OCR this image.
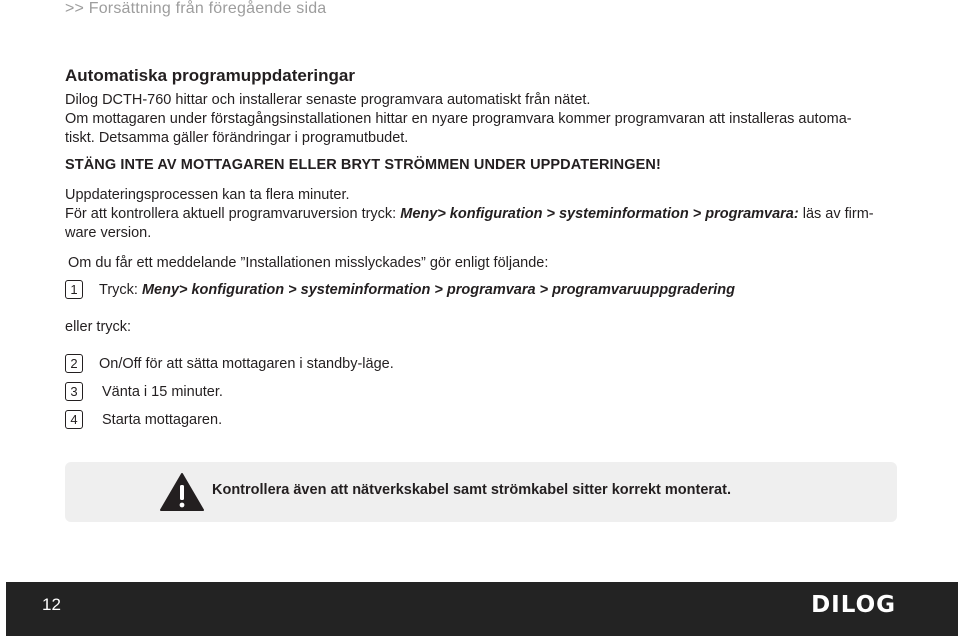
>> Forsättning från föregående sida
Automatiska programuppdateringar
Dilog DCTH-760 hittar och installerar senaste programvara automatiskt från nätet.
Om mottagaren under förstagångsinstallationen hittar en nyare programvara kommer programvaran att installeras automa-
tiskt. Detsamma gäller förändringar i programutbudet.
STÄNG INTE AV MOTTAGAREN ELLER BRYT STRÖMMEN UNDER UPPDATERINGEN!
Uppdateringsprocessen kan ta flera minuter.
För att kontrollera aktuell programvaruversion tryck: Meny> konfiguration > systeminformation > programvara: läs av firm-
ware version.
Om du får ett meddelande ”Installationen misslyckades” gör enligt följande:
1	Tryck: Meny> konfiguration > systeminformation > programvara > programvaruuppgradering
eller tryck:
2	On/Off för att sätta mottagaren i standby-läge.
3	Vänta i 15 minuter.
4	Starta mottagaren.
Kontrollera även att nätverkskabel samt strömkabel sitter korrekt monterat.
12	DILOG
